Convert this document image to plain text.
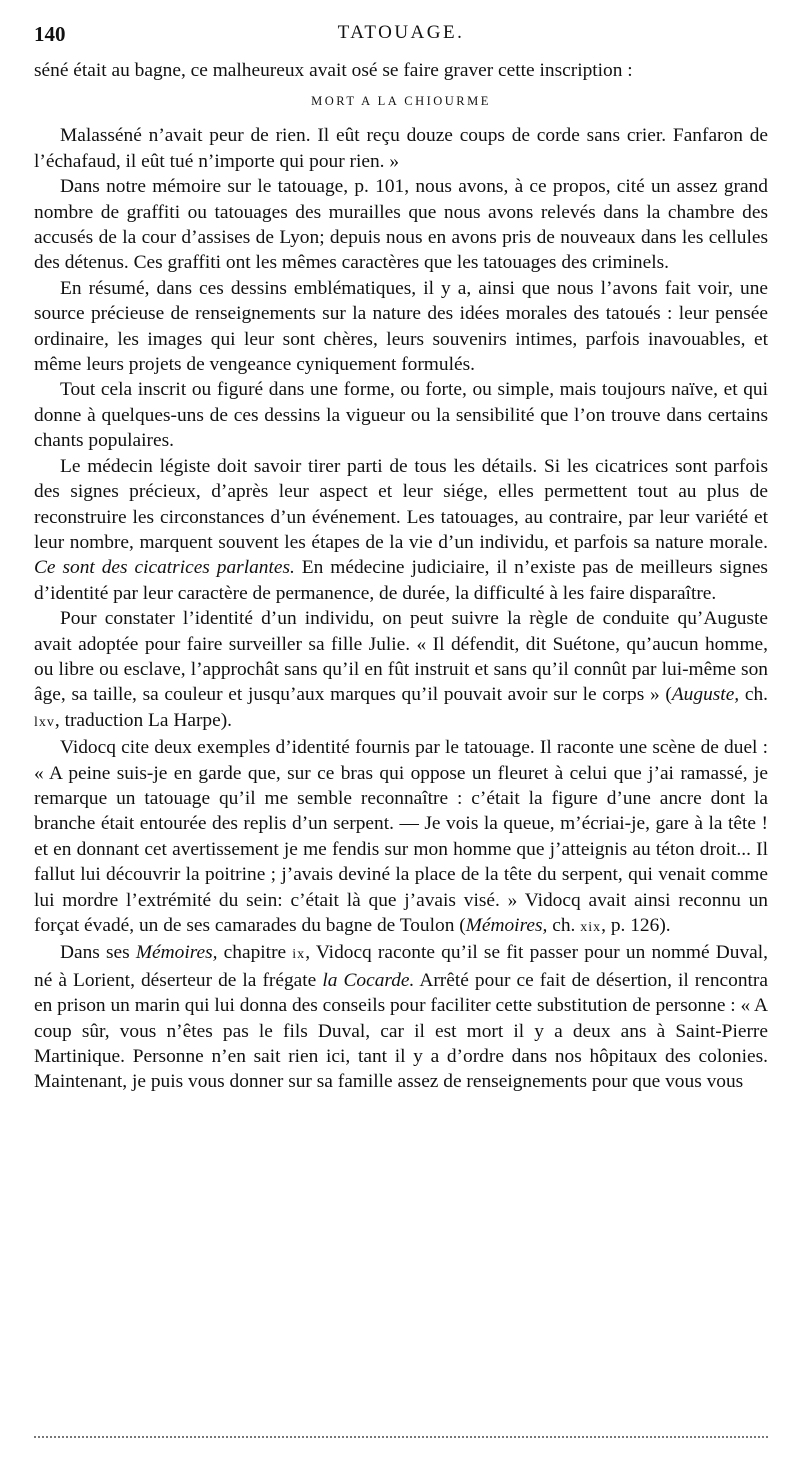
140	TATOUAGE.

séné était au bagne, ce malheureux avait osé se faire graver cette inscription :

MORT A LA CHIOURME

Malasséné n’avait peur de rien. Il eût reçu douze coups de corde sans crier. Fanfaron de l’échafaud, il eût tué n’importe qui pour rien. »

Dans notre mémoire sur le tatouage, p. 101, nous avons, à ce propos, cité un assez grand nombre de graffiti ou tatouages des murailles que nous avons relevés dans la chambre des accusés de la cour d’assises de Lyon; depuis nous en avons pris de nouveaux dans les cellules des détenus. Ces graffiti ont les mêmes caractères que les tatouages des criminels.

En résumé, dans ces dessins emblématiques, il y a, ainsi que nous l’avons fait voir, une source précieuse de renseignements sur la nature des idées morales des tatoués : leur pensée ordinaire, les images qui leur sont chères, leurs souvenirs intimes, parfois inavouables, et même leurs projets de vengeance cyniquement formulés.

Tout cela inscrit ou figuré dans une forme, ou forte, ou simple, mais toujours naïve, et qui donne à quelques-uns de ces dessins la vigueur ou la sensibilité que l’on trouve dans certains chants populaires.

Le médecin légiste doit savoir tirer parti de tous les détails. Si les cicatrices sont parfois des signes précieux, d’après leur aspect et leur siége, elles permettent tout au plus de reconstruire les circonstances d’un événement. Les tatouages, au contraire, par leur variété et leur nombre, marquent souvent les étapes de la vie d’un individu, et parfois sa nature morale. Ce sont des cicatrices parlantes. En médecine judiciaire, il n’existe pas de meilleurs signes d’identité par leur caractère de permanence, de durée, la difficulté à les faire disparaître.

Pour constater l’identité d’un individu, on peut suivre la règle de conduite qu’Auguste avait adoptée pour faire surveiller sa fille Julie. « Il défendit, dit Suétone, qu’aucun homme, ou libre ou esclave, l’approchât sans qu’il en fût instruit et sans qu’il connût par lui-même son âge, sa taille, sa couleur et jusqu’aux marques qu’il pouvait avoir sur le corps » (Auguste, ch. lxv, traduction La Harpe).

Vidocq cite deux exemples d’identité fournis par le tatouage. Il raconte une scène de duel : « A peine suis-je en garde que, sur ce bras qui oppose un fleuret à celui que j’ai ramassé, je remarque un tatouage qu’il me semble reconnaître : c’était la figure d’une ancre dont la branche était entourée des replis d’un serpent. — Je vois la queue, m’écriai-je, gare à la tête ! et en donnant cet avertissement je me fendis sur mon homme que j’atteignis au téton droit... Il fallut lui découvrir la poitrine ; j’avais deviné la place de la tête du serpent, qui venait comme lui mordre l’extrémité du sein: c’était là que j’avais visé. » Vidocq avait ainsi reconnu un forçat évadé, un de ses camarades du bagne de Toulon (Mémoires, ch. xix, p. 126).

Dans ses Mémoires, chapitre ix, Vidocq raconte qu’il se fit passer pour un nommé Duval, né à Lorient, déserteur de la frégate la Cocarde. Arrêté pour ce fait de désertion, il rencontra en prison un marin qui lui donna des conseils pour faciliter cette substitution de personne : « A coup sûr, vous n’êtes pas le fils Duval, car il est mort il y a deux ans à Saint-Pierre Martinique. Personne n’en sait rien ici, tant il y a d’ordre dans nos hôpitaux des colonies. Maintenant, je puis vous donner sur sa famille assez de renseignements pour que vous vous
